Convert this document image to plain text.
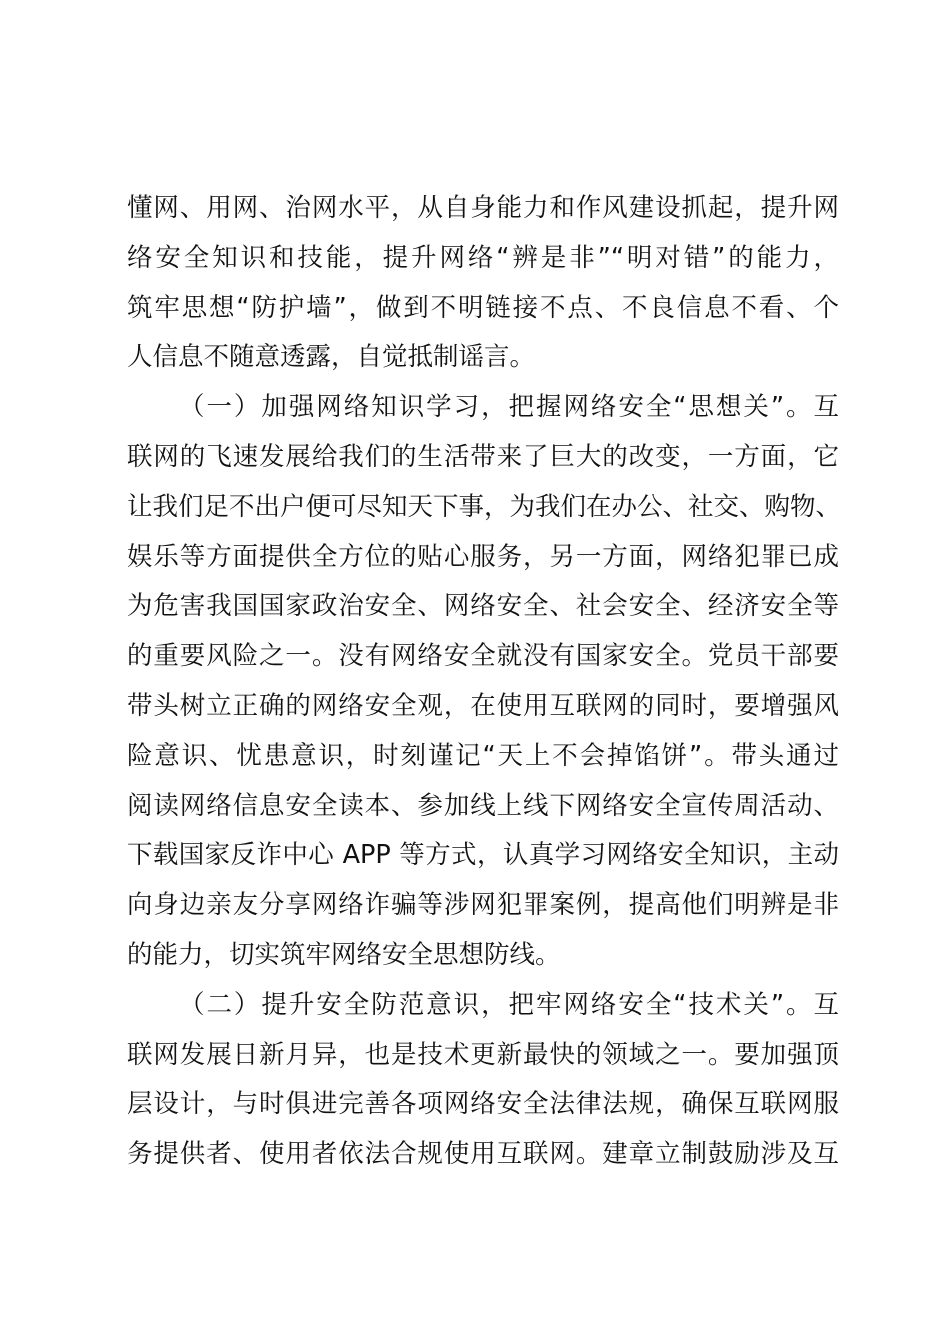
懂网、用网、治网水平，从自身能力和作风建设抓起，提升网
络安全知识和技能，提升网络“辨是非”“明对错”的能力，
筑牢思想“防护墙”，做到不明链接不点、不良信息不看、个
人信息不随意透露，自觉抵制谣言。
（一）加强网络知识学习，把握网络安全“思想关”。互
联网的飞速发展给我们的生活带来了巨大的改变，一方面，它
让我们足不出户便可尽知天下事，为我们在办公、社交、购物、
娱乐等方面提供全方位的贴心服务，另一方面，网络犯罪已成
为危害我国国家政治安全、网络安全、社会安全、经济安全等
的重要风险之一。没有网络安全就没有国家安全。党员干部要
带头树立正确的网络安全观，在使用互联网的同时，要增强风
险意识、忧患意识，时刻谨记“天上不会掉馅饼”。带头通过
阅读网络信息安全读本、参加线上线下网络安全宣传周活动、
下载国家反诈中心 APP 等方式，认真学习网络安全知识，主动
向身边亲友分享网络诈骗等涉网犯罪案例，提高他们明辨是非
的能力，切实筑牢网络安全思想防线。
（二）提升安全防范意识，把牢网络安全“技术关”。互
联网发展日新月异，也是技术更新最快的领域之一。要加强顶
层设计，与时俱进完善各项网络安全法律法规，确保互联网服
务提供者、使用者依法合规使用互联网。建章立制鼓励涉及互
